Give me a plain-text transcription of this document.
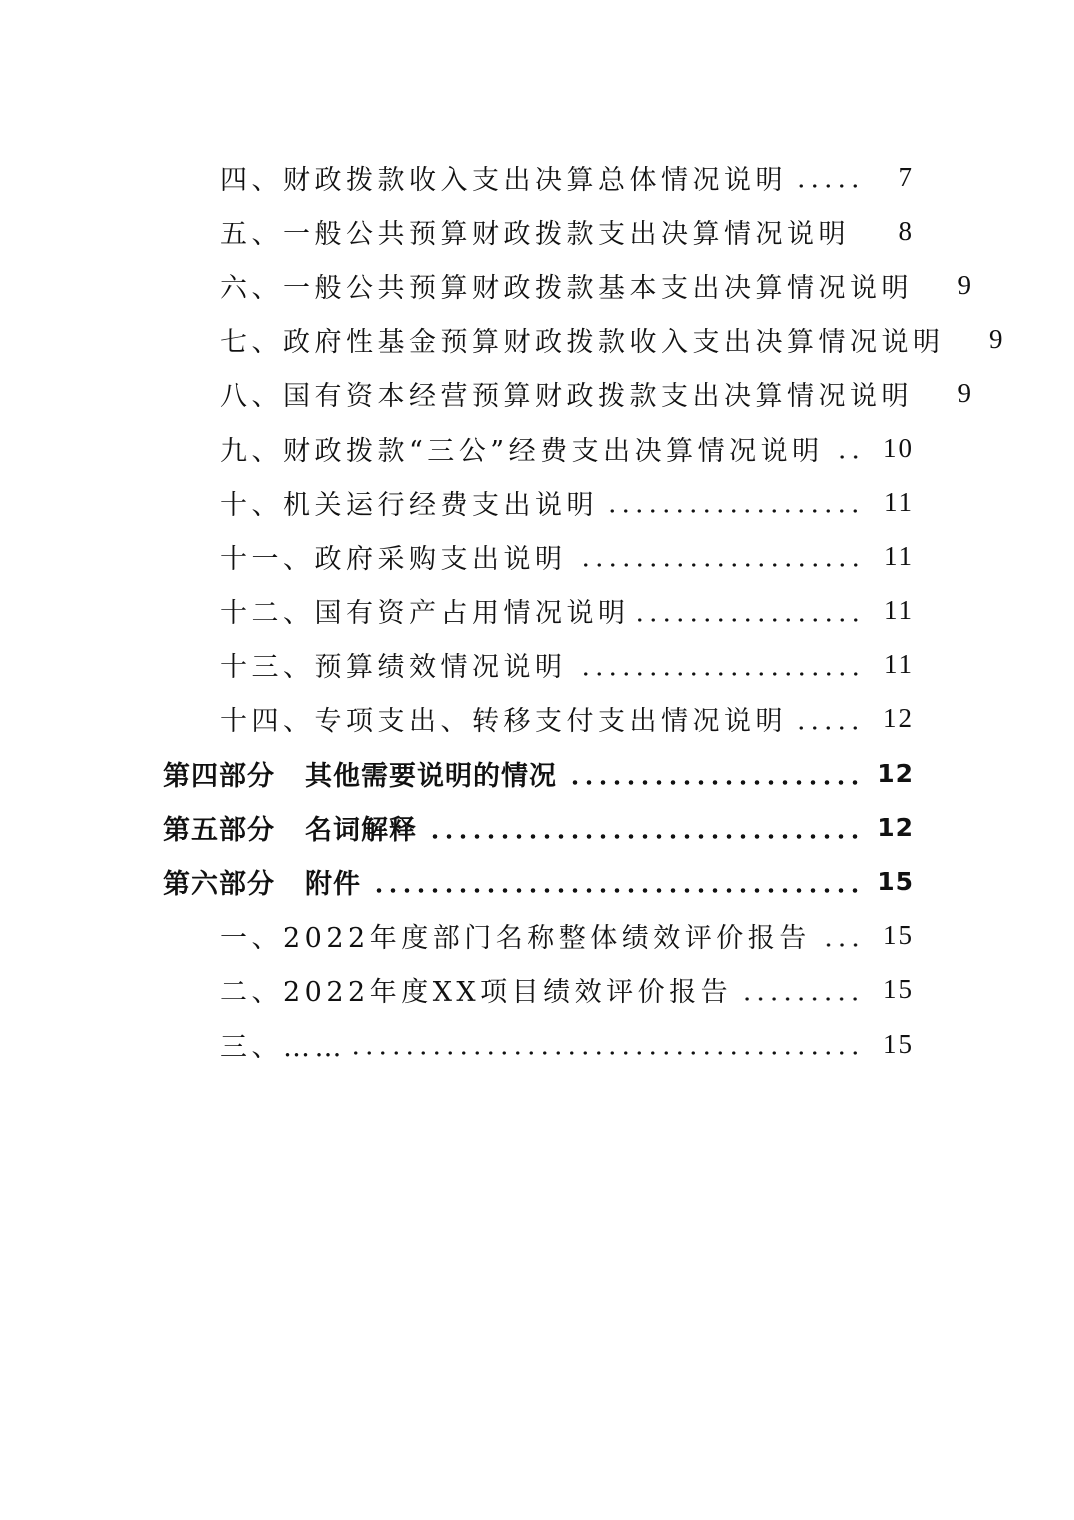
四、财政拨款收入支出决算总体情况说明	7
五、一般公共预算财政拨款支出决算情况说明	8
六、一般公共预算财政拨款基本支出决算情况说明	9
七、政府性基金预算财政拨款收入支出决算情况说明	9
八、国有资本经营预算财政拨款支出决算情况说明	9
九、财政拨款“三公”经费支出决算情况说明	10
十、机关运行经费支出说明	11
十一、政府采购支出说明	11
十二、国有资产占用情况说明	11
十三、预算绩效情况说明	11
十四、专项支出、转移支付支出情况说明	12
第四部分 其他需要说明的情况	12
第五部分 名词解释	12
第六部分 附件	15
一、2022年度部门名称整体绩效评价报告	15
二、2022年度XX项目绩效评价报告	15
三、……	15
